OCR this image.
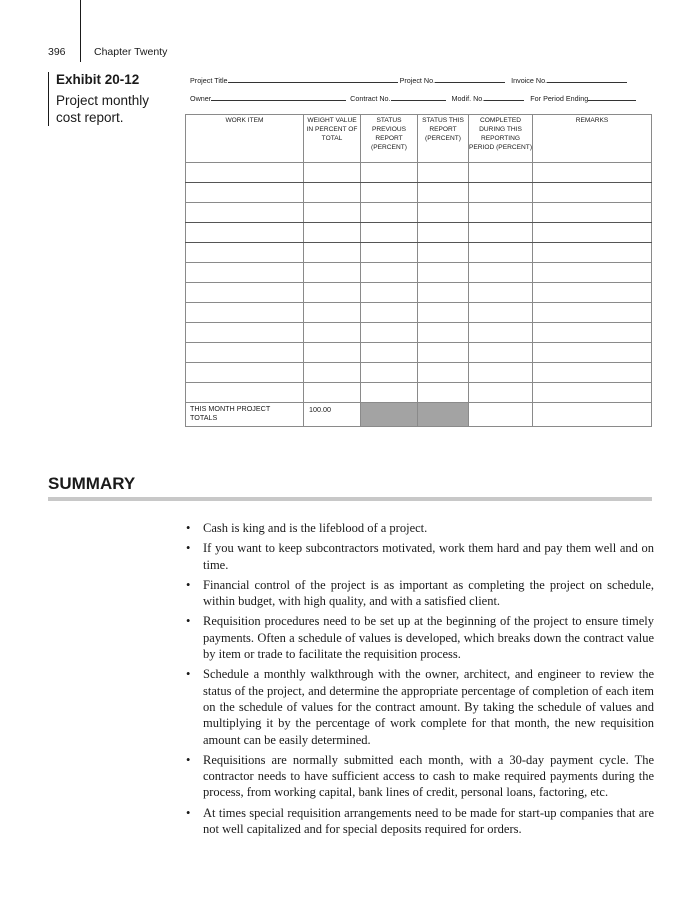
396	Chapter Twenty
Exhibit 20-12
Project monthly cost report.
Project Title	Project No.	Invoice No.
Owner	Contract No.	Modif. No.	For Period Ending
WORK ITEM	WEIGHT VALUE IN PERCENT OF TOTAL	STATUS PREVIOUS REPORT (PERCENT)	STATUS THIS REPORT (PERCENT)	COMPLETED DURING THIS REPORTING PERIOD (PERCENT)	REMARKS

THIS MONTH PROJECT TOTALS	100.00				
SUMMARY
• Cash is king and is the lifeblood of a project.
• If you want to keep subcontractors motivated, work them hard and pay them well and on time.
• Financial control of the project is as important as completing the project on schedule, within budget, with high quality, and with a satisfied client.
• Requisition procedures need to be set up at the beginning of the project to ensure timely payments. Often a schedule of values is developed, which breaks down the contract value by item or trade to facilitate the requisition process.
• Schedule a monthly walkthrough with the owner, architect, and engineer to review the status of the project, and determine the appropriate percentage of completion of each item on the schedule of values for the contract amount. By taking the schedule of values and multiplying it by the percentage of work complete for that month, the new requisition amount can be easily determined.
• Requisitions are normally submitted each month, with a 30-day payment cycle. The contractor needs to have sufficient access to cash to make required payments during the process, from working capital, bank lines of credit, personal loans, factoring, etc.
• At times special requisition arrangements need to be made for start-up companies that are not well capitalized and for special deposits required for orders.
